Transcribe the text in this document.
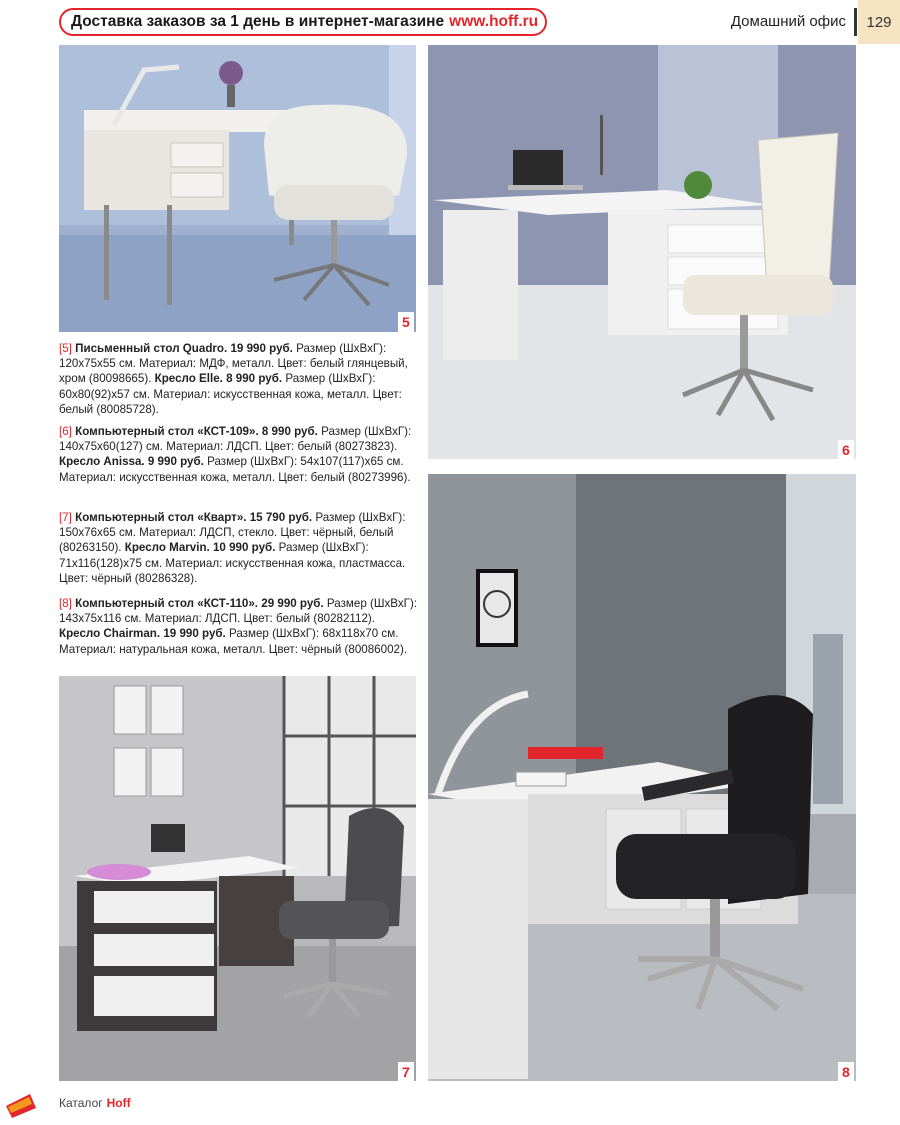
Доставка заказов за 1 день в интернет-магазине www.hoff.ru	Домашний офис	129
5
6
[5] Письменный стол Quadro. 19 990 руб. Размер (ШхВхГ): 120x75x55 см. Материал: МДФ, металл. Цвет: белый глянцевый, хром (80098665). Кресло Elle. 8 990 руб. Размер (ШхВхГ): 60x80(92)x57 см. Материал: искусственная кожа, металл. Цвет: белый (80085728).
[6] Компьютерный стол «КСТ-109». 8 990 руб. Размер (ШхВхГ): 140x75x60(127) см. Материал: ЛДСП. Цвет: белый (80273823). Кресло Anissa. 9 990 руб. Размер (ШхВхГ): 54x107(117)x65 см. Материал: искусственная кожа, металл. Цвет: белый (80273996).
[7] Компьютерный стол «Кварт». 15 790 руб. Размер (ШхВхГ): 150x76x65 см. Материал: ЛДСП, стекло. Цвет: чёрный, белый (80263150). Кресло Marvin. 10 990 руб. Размер (ШхВхГ): 71x116(128)x75 см. Материал: искусственная кожа, пластмасса. Цвет: чёрный (80286328).
[8] Компьютерный стол «КСТ-110». 29 990 руб. Размер (ШхВхГ): 143x75x116 см. Материал: ЛДСП. Цвет: белый (80282112). Кресло Chairman. 19 990 руб. Размер (ШхВхГ): 68x118x70 см. Материал: натуральная кожа, металл. Цвет: чёрный (80086002).
7	8
Каталог Hoff
